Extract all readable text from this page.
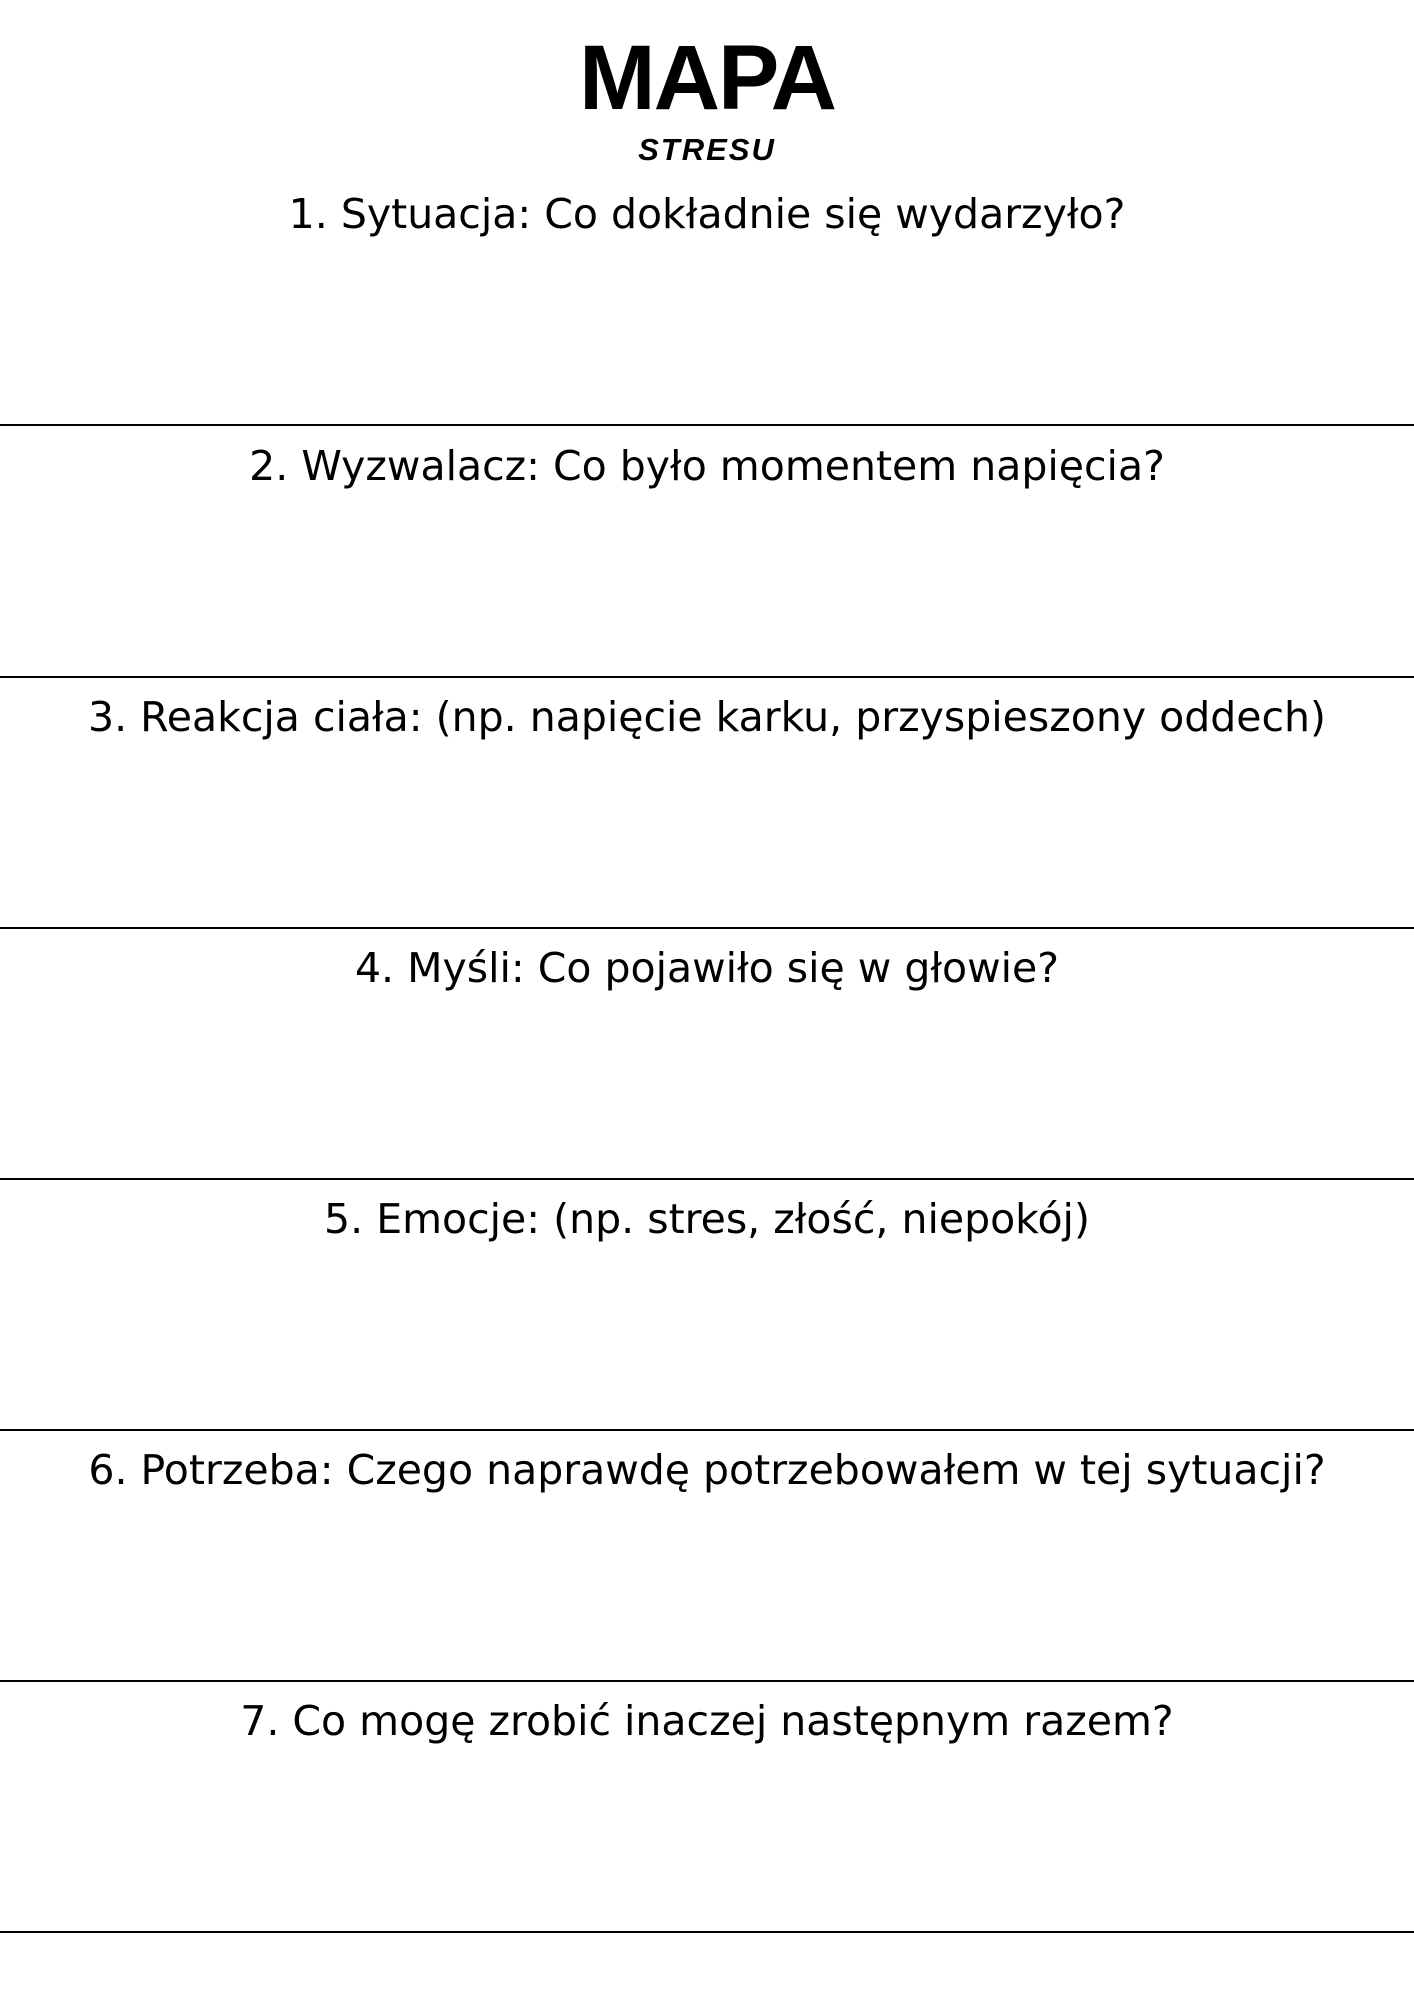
MAPA
STRESU
1. Sytuacja: Co dokładnie się wydarzyło?
2. Wyzwalacz: Co było momentem napięcia?
3. Reakcja ciała: (np. napięcie karku, przyspieszony oddech)
4. Myśli: Co pojawiło się w głowie?
5. Emocje: (np. stres, złość, niepokój)
6. Potrzeba: Czego naprawdę potrzebowałem w tej sytuacji?
7. Co mogę zrobić inaczej następnym razem?
